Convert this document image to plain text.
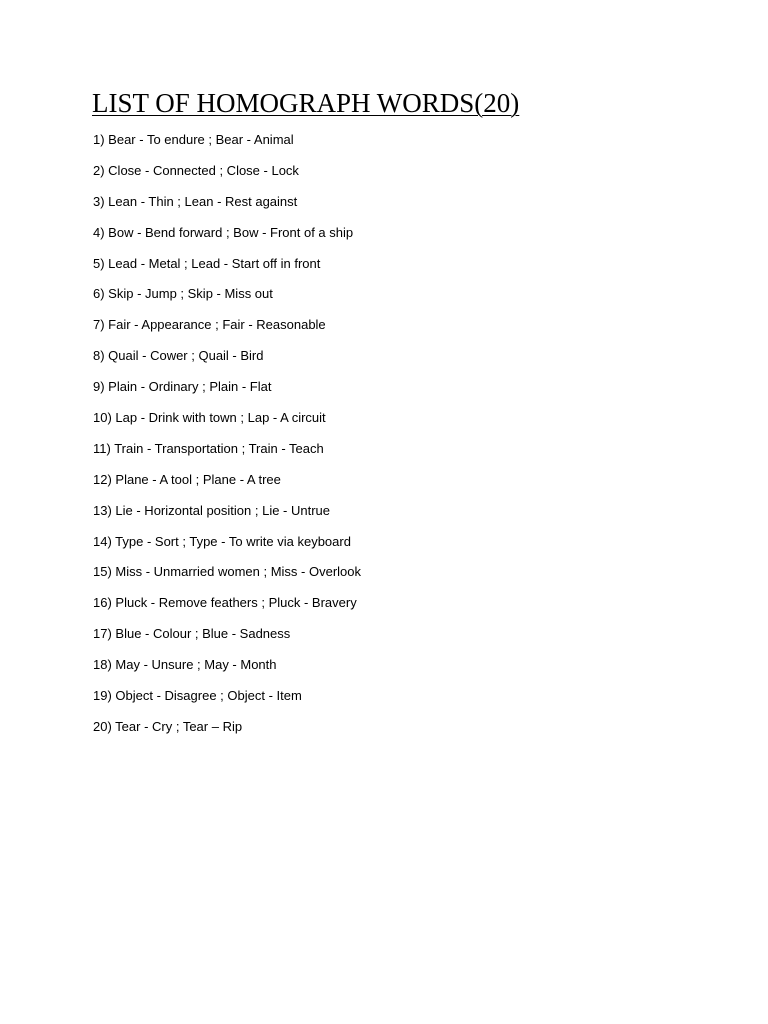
LIST OF HOMOGRAPH WORDS(20)
1) Bear - To endure ; Bear - Animal
2) Close - Connected ; Close - Lock
3) Lean - Thin ; Lean - Rest against
4) Bow - Bend forward ; Bow - Front of a ship
5) Lead - Metal ; Lead - Start off in front
6) Skip - Jump ; Skip - Miss out
7) Fair - Appearance ; Fair - Reasonable
8) Quail - Cower ; Quail - Bird
9) Plain - Ordinary ; Plain - Flat
10) Lap - Drink with town ; Lap - A circuit
11) Train - Transportation ; Train - Teach
12) Plane - A tool ; Plane - A tree
13) Lie - Horizontal position ; Lie - Untrue
14) Type - Sort ; Type - To write via keyboard
15) Miss - Unmarried women ; Miss - Overlook
16) Pluck - Remove feathers ; Pluck - Bravery
17) Blue - Colour ; Blue - Sadness
18) May - Unsure ; May - Month
19) Object - Disagree ; Object - Item
20) Tear - Cry ; Tear – Rip
